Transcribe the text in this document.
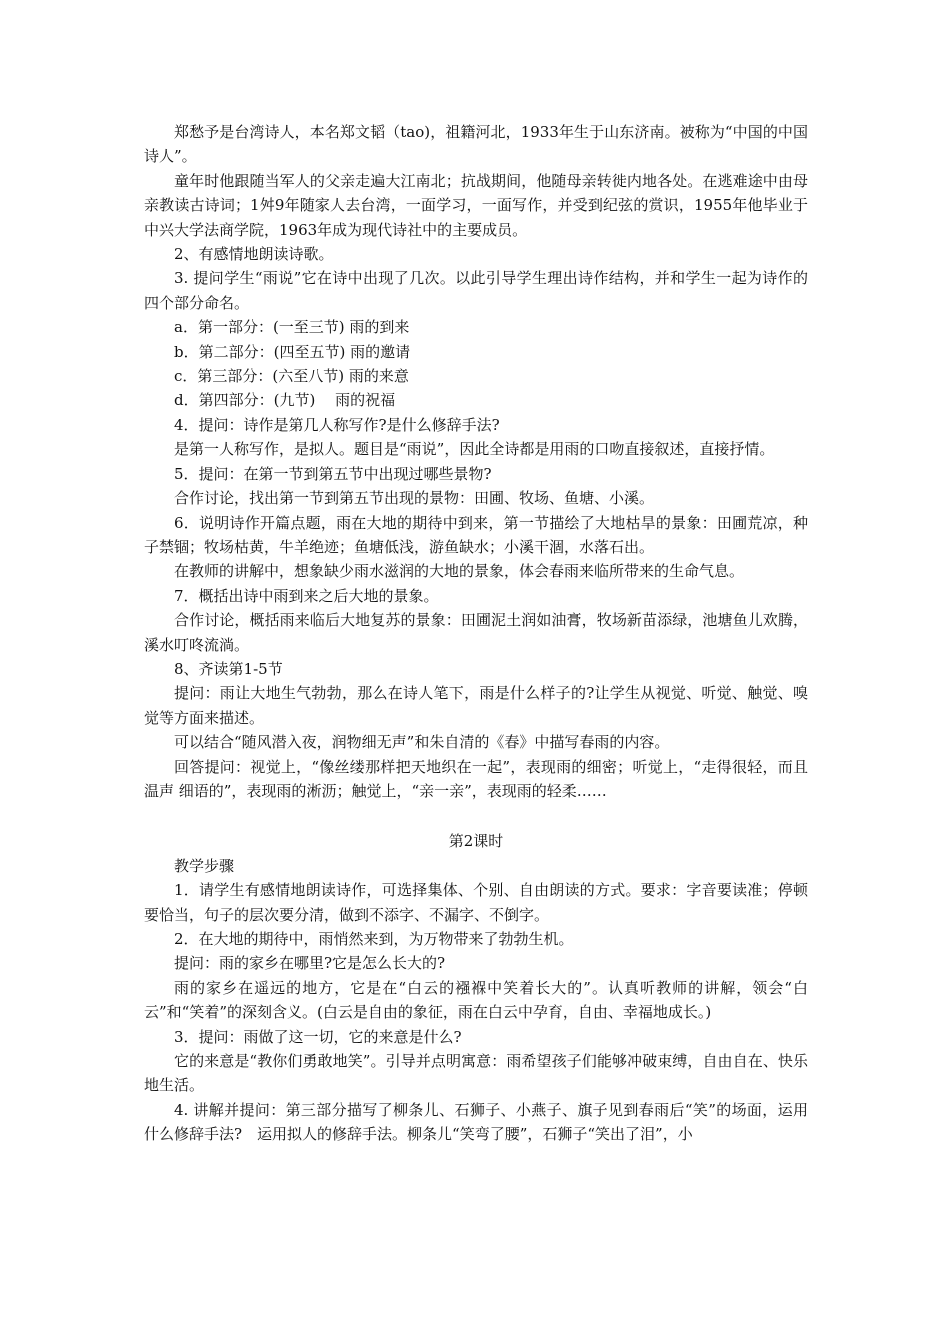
郑愁予是台湾诗人，本名郑文韬（tao)，祖籍河北，1933年生于山东济南。被称为“中国的中国诗人”。

童年时他跟随当军人的父亲走遍大江南北；抗战期间，他随母亲转徙内地各处。在逃难途中由母亲教读古诗词；1舛9年随家人去台湾，一面学习，一面写作，并受到纪弦的赏识，1955年他毕业于中兴大学法商学院，1963年成为现代诗社中的主要成员。

2、有感情地朗读诗歌。

3. 提问学生“雨说”它在诗中出现了几次。以此引导学生理出诗作结构，并和学生一起为诗作的四个部分命名。

a．第一部分：(一至三节) 雨的到来

b．第二部分：(四至五节) 雨的邀请

c．第三部分：(六至八节) 雨的来意

d．第四部分：(九节)　 雨的祝福

4．提问：诗作是第几人称写作?是什么修辞手法?

是第一人称写作，是拟人。题目是“雨说”，因此全诗都是用雨的口吻直接叙述，直接抒情。

5．提问：在第一节到第五节中出现过哪些景物?

合作讨论，找出第一节到第五节出现的景物：田圃、牧场、鱼塘、小溪。

6．说明诗作开篇点题，雨在大地的期待中到来，第一节描绘了大地枯旱的景象：田圃荒凉，种子禁锢；牧场枯黄，牛羊绝迹；鱼塘低浅，游鱼缺水；小溪干涸，水落石出。

在教师的讲解中，想象缺少雨水滋润的大地的景象，体会春雨来临所带来的生命气息。

7．概括出诗中雨到来之后大地的景象。

合作讨论，概括雨来临后大地复苏的景象：田圃泥土润如油膏，牧场新苗添绿，池塘鱼儿欢腾，溪水叮咚流淌。

8、齐读第1-5节

提问：雨让大地生气勃勃，那么在诗人笔下，雨是什么样子的?让学生从视觉、听觉、触觉、嗅觉等方面来描述。

可以结合“随风潜入夜，润物细无声”和朱自清的《春》中描写春雨的内容。

回答提问：视觉上，“像丝缕那样把天地织在一起”，表现雨的细密；听觉上，“走得很轻，而且温声 细语的”，表现雨的淅沥；触觉上，“亲一亲”，表现雨的轻柔……

第2课时

教学步骤

1．请学生有感情地朗读诗作，可选择集体、个别、自由朗读的方式。要求：字音要读准；停顿要恰当，句子的层次要分清，做到不添字、不漏字、不倒字。

2．在大地的期待中，雨悄然来到，为万物带来了勃勃生机。

提问：雨的家乡在哪里?它是怎么长大的?

雨的家乡在遥远的地方，它是在“白云的襁褓中笑着长大的”。认真听教师的讲解，领会“白云”和“笑着”的深刻含义。(白云是自由的象征，雨在白云中孕育，自由、幸福地成长。)

3．提问：雨做了这一切，它的来意是什么?

它的来意是“教你们勇敢地笑”。引导并点明寓意：雨希望孩子们能够冲破束缚，自由自在、快乐地生活。

4. 讲解并提问：第三部分描写了柳条儿、石狮子、小燕子、旗子见到春雨后“笑”的场面，运用什么修辞手法?　运用拟人的修辞手法。柳条儿“笑弯了腰”，石狮子“笑出了泪”，小
